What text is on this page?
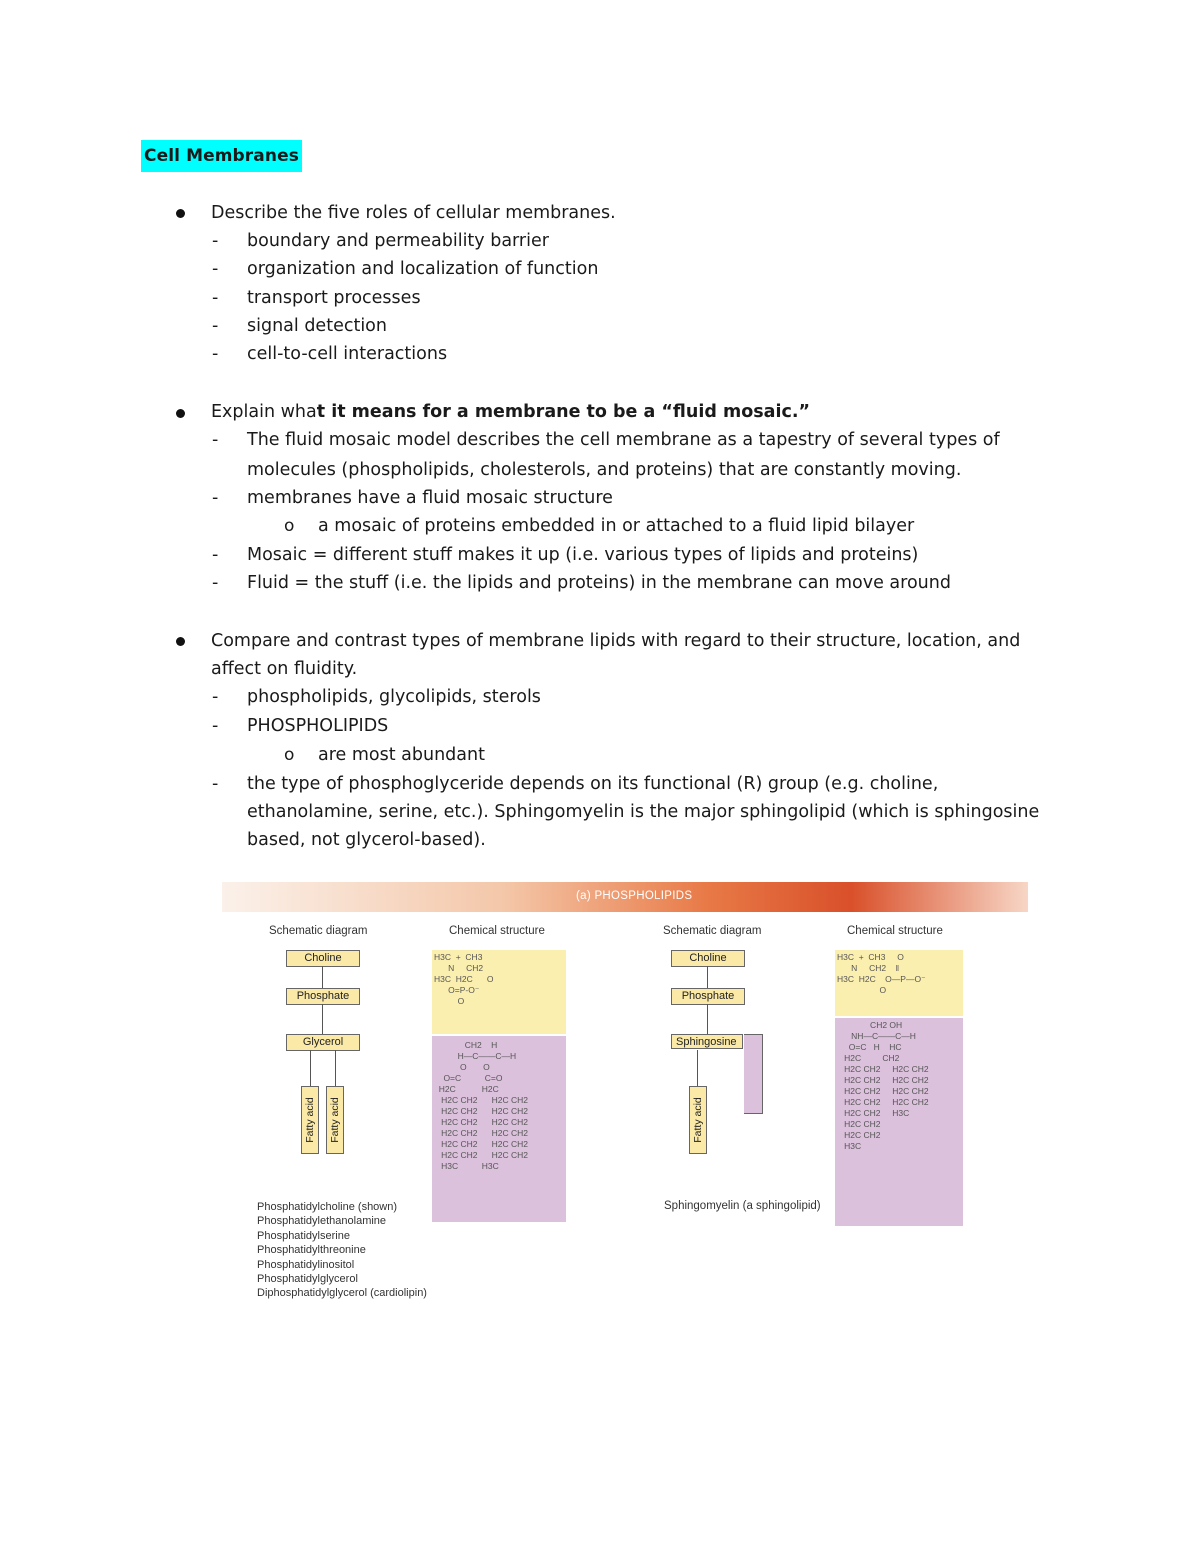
Cell Membranes
Describe the five roles of cellular membranes.
- boundary and permeability barrier
- organization and localization of function
- transport processes
- signal detection
- cell-to-cell interactions
Explain what it means for a membrane to be a “fluid mosaic.”
- The fluid mosaic model describes the cell membrane as a tapestry of several types of
molecules (phospholipids, cholesterols, and proteins) that are constantly moving.
- membranes have a fluid mosaic structure
o a mosaic of proteins embedded in or attached to a fluid lipid bilayer
- Mosaic = different stuff makes it up (i.e. various types of lipids and proteins)
- Fluid = the stuff (i.e. the lipids and proteins) in the membrane can move around
Compare and contrast types of membrane lipids with regard to their structure, location, and
affect on fluidity.
- phospholipids, glycolipids, sterols
- PHOSPHOLIPIDS
o are most abundant
- the type of phosphoglyceride depends on its functional (R) group (e.g. choline,
ethanolamine, serine, etc.). Sphingomyelin is the major sphingolipid (which is sphingosine
based, not glycerol-based).
(a) PHOSPHOLIPIDS
Schematic diagram	Chemical structure
Choline
Phosphate
Glycerol
Fatty acid Fatty acid
H3C  +  CH3
N     CH2
H3C  H2C      O
O=P-O⁻
O
CH2    H
H—C——C—H
O       O
O=C          C=O
H2C           H2C
H2C CH2      H2C CH2
H2C CH2      H2C CH2
H2C CH2      H2C CH2
H2C CH2      H2C CH2
H2C CH2      H2C CH2
H2C CH2      H2C CH2
H3C          H3C
Phosphatidylcholine (shown)
Phosphatidylethanolamine
Phosphatidylserine
Phosphatidylthreonine
Phosphatidylinositol
Phosphatidylglycerol
Diphosphatidylglycerol (cardiolipin)
Schematic diagram	Chemical structure
Choline
Phosphate
Sphingosine
Fatty acid
H3C  +  CH3     O
N     CH2    ‖
H3C  H2C    O—P—O⁻
O
CH2 OH
NH—C——C—H
O=C   H    HC
H2C         CH2
H2C CH2     H2C CH2
H2C CH2     H2C CH2
H2C CH2     H2C CH2
H2C CH2     H2C CH2
H2C CH2     H3C
H2C CH2
H2C CH2
H3C
Sphingomyelin (a sphingolipid)
